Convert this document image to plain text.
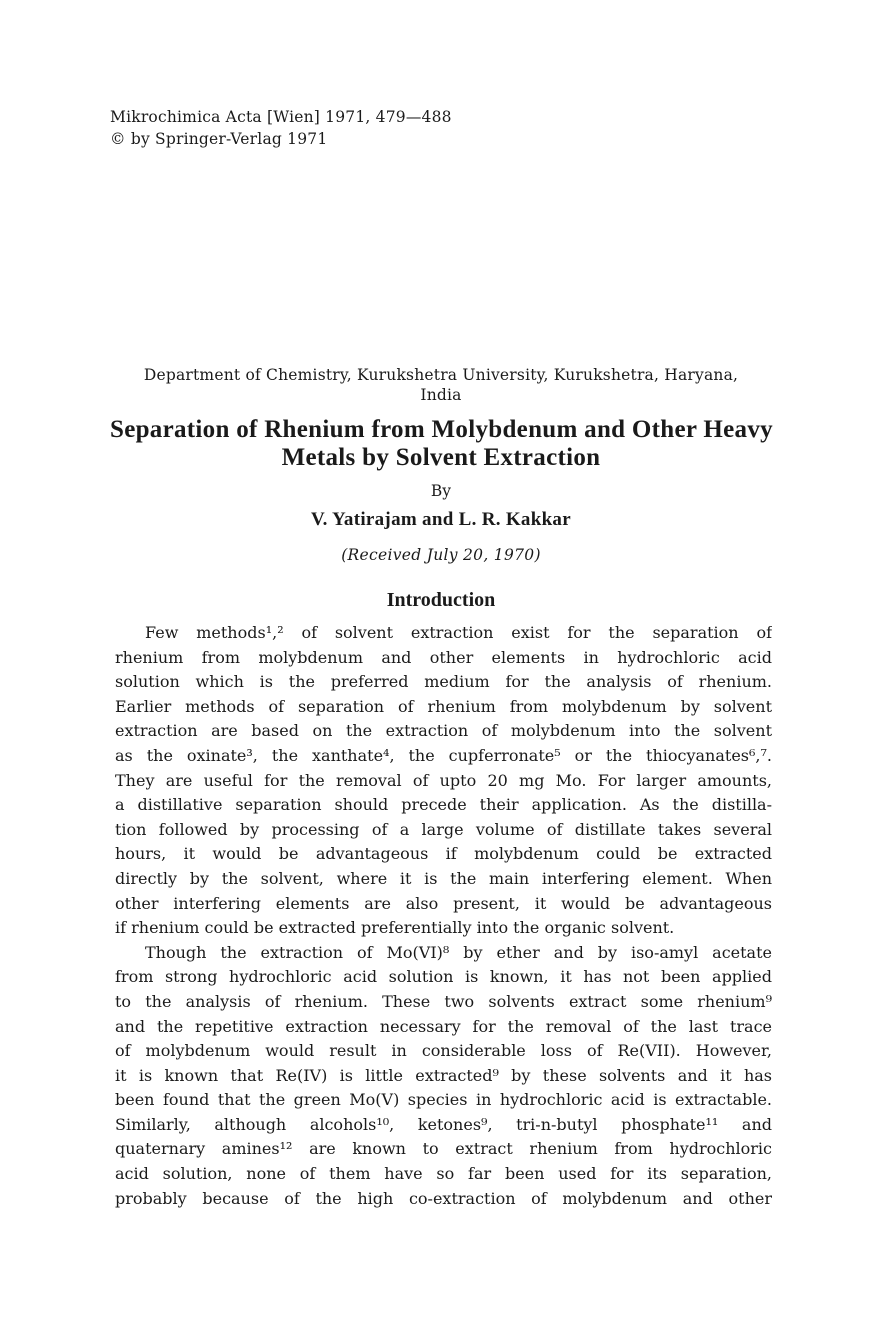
Mikrochimica Acta [Wien] 1971, 479—488
© by Springer-Verlag 1971
Department of Chemistry, Kurukshetra University, Kurukshetra, Haryana,
India
Separation of Rhenium from Molybdenum and Other Heavy
Metals by Solvent Extraction
By
V. Yatirajam and L. R. Kakkar
(Received July 20, 1970)
Introduction
Few methods¹,² of solvent extraction exist for the separation of
rhenium from molybdenum and other elements in hydrochloric acid
solution which is the preferred medium for the analysis of rhenium.
Earlier methods of separation of rhenium from molybdenum by solvent
extraction are based on the extraction of molybdenum into the solvent
as the oxinate³, the xanthate⁴, the cupferronate⁵ or the thiocyanates⁶,⁷.
They are useful for the removal of upto 20 mg Mo. For larger amounts,
a distillative separation should precede their application. As the distilla-
tion followed by processing of a large volume of distillate takes several
hours, it would be advantageous if molybdenum could be extracted
directly by the solvent, where it is the main interfering element. When
other interfering elements are also present, it would be advantageous
if rhenium could be extracted preferentially into the organic solvent.
Though the extraction of Mo(VI)⁸ by ether and by iso-amyl acetate
from strong hydrochloric acid solution is known, it has not been applied
to the analysis of rhenium. These two solvents extract some rhenium⁹
and the repetitive extraction necessary for the removal of the last trace
of molybdenum would result in considerable loss of Re(VII). However,
it is known that Re(IV) is little extracted⁹ by these solvents and it has
been found that the green Mo(V) species in hydrochloric acid is extractable.
Similarly, although alcohols¹⁰, ketones⁹, tri-n-butyl phosphate¹¹ and
quaternary amines¹² are known to extract rhenium from hydrochloric
acid solution, none of them have so far been used for its separation,
probably because of the high co-extraction of molybdenum and other
